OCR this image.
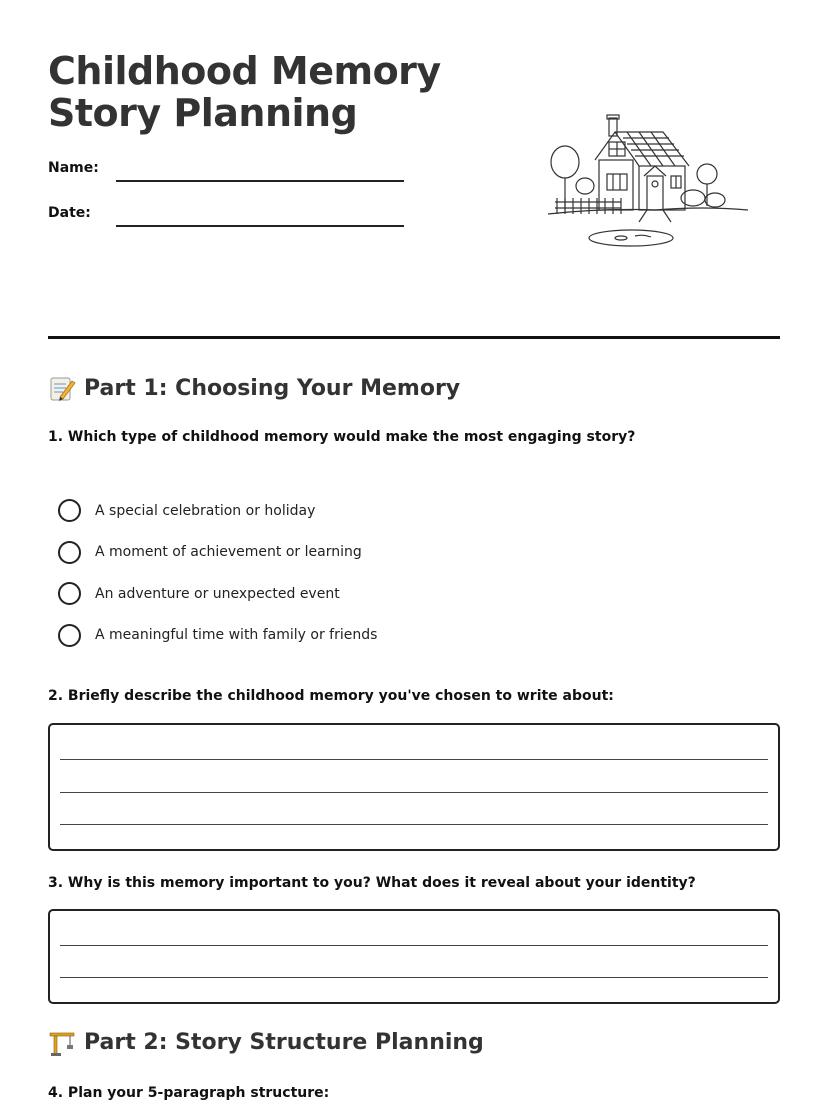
Childhood Memory
Story Planning
Name:
Date:
Part 1: Choosing Your Memory

1. Which type of childhood memory would make the most engaging story?

A special celebration or holiday
A moment of achievement or learning
An adventure or unexpected event
A meaningful time with family or friends

2. Briefly describe the childhood memory you've chosen to write about:

3. Why is this memory important to you? What does it reveal about your identity?

Part 2: Story Structure Planning

4. Plan your 5-paragraph structure:
